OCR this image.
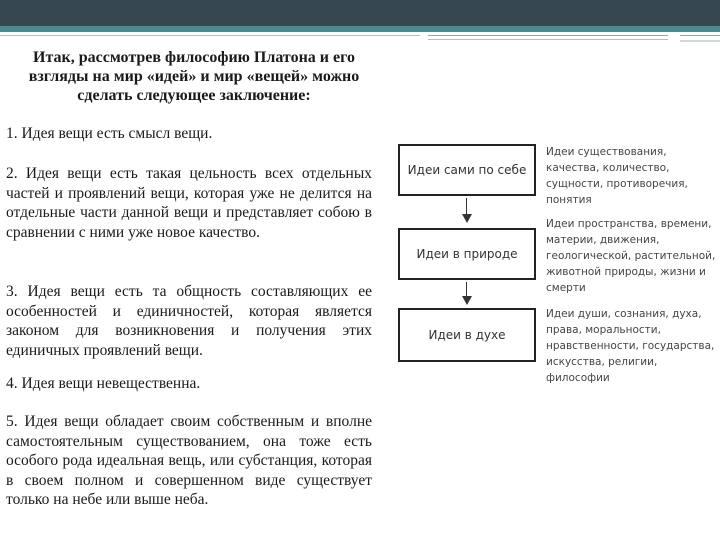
Итак, рассмотрев философию Платона и его взгляды на мир «идей» и мир «вещей» можно сделать следующее заключение:
1. Идея вещи есть смысл вещи.
2. Идея вещи есть такая цельность всех отдельных частей и проявлений вещи, которая уже не делится на отдельные части данной вещи и представляет собою в сравнении с ними уже новое качество.
3. Идея вещи есть та общность составляющих ее особенностей и единичностей, которая является законом для возникновения и получения этих единичных проявлений вещи.
4. Идея вещи невещественна.
5. Идея вещи обладает своим собственным и вполне самостоятельным существованием, она тоже есть особого рода идеальная вещь, или субстанция, которая в своем полном и совершенном виде существует только на небе или выше неба.
Идеи сами по себе
Идеи в природе
Идеи в духе
Идеи существования, качества, количество, сущности, противоречия, понятия
Идеи пространства, времени, материи, движения, геологической, растительной, животной природы, жизни и смерти
Идеи души, сознания, духа, права, моральности, нравственности, государства, искусства, религии, философии
